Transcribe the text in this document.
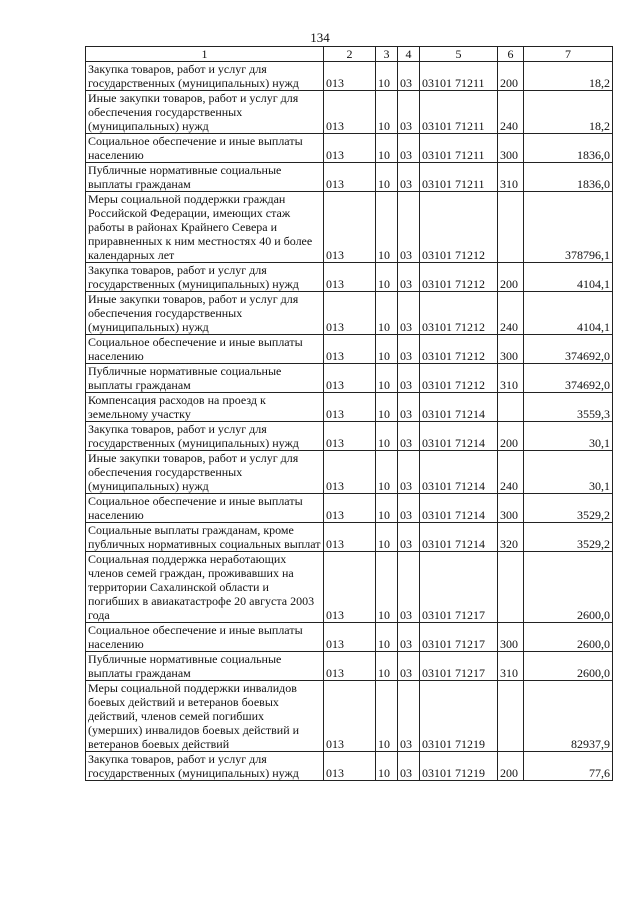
134
1	2	3	4	5	6	7
Закупка товаров, работ и услуг для государственных (муниципальных) нужд	013	10	03	03101 71211	200	18,2
Иные закупки товаров, работ и услуг для обеспечения государственных (муниципальных) нужд	013	10	03	03101 71211	240	18,2
Социальное обеспечение и иные выплаты населению	013	10	03	03101 71211	300	1836,0
Публичные нормативные социальные выплаты гражданам	013	10	03	03101 71211	310	1836,0
Меры социальной поддержки граждан Российской Федерации, имеющих стаж работы в районах Крайнего Севера и приравненных к ним местностях 40 и более календарных лет	013	10	03	03101 71212		378796,1
Закупка товаров, работ и услуг для государственных (муниципальных) нужд	013	10	03	03101 71212	200	4104,1
Иные закупки товаров, работ и услуг для обеспечения государственных (муниципальных) нужд	013	10	03	03101 71212	240	4104,1
Социальное обеспечение и иные выплаты населению	013	10	03	03101 71212	300	374692,0
Публичные нормативные социальные выплаты гражданам	013	10	03	03101 71212	310	374692,0
Компенсация расходов на проезд к земельному участку	013	10	03	03101 71214		3559,3
Закупка товаров, работ и услуг для государственных (муниципальных) нужд	013	10	03	03101 71214	200	30,1
Иные закупки товаров, работ и услуг для обеспечения государственных (муниципальных) нужд	013	10	03	03101 71214	240	30,1
Социальное обеспечение и иные выплаты населению	013	10	03	03101 71214	300	3529,2
Социальные выплаты гражданам, кроме публичных нормативных социальных выплат	013	10	03	03101 71214	320	3529,2
Социальная поддержка неработающих членов семей граждан, проживавших на территории Сахалинской области и погибших в авиакатастрофе 20 августа 2003 года	013	10	03	03101 71217		2600,0
Социальное обеспечение и иные выплаты населению	013	10	03	03101 71217	300	2600,0
Публичные нормативные социальные выплаты гражданам	013	10	03	03101 71217	310	2600,0
Меры социальной поддержки инвалидов боевых действий и ветеранов боевых действий, членов семей погибших (умерших) инвалидов боевых действий и ветеранов боевых действий	013	10	03	03101 71219		82937,9
Закупка товаров, работ и услуг для государственных (муниципальных) нужд	013	10	03	03101 71219	200	77,6
